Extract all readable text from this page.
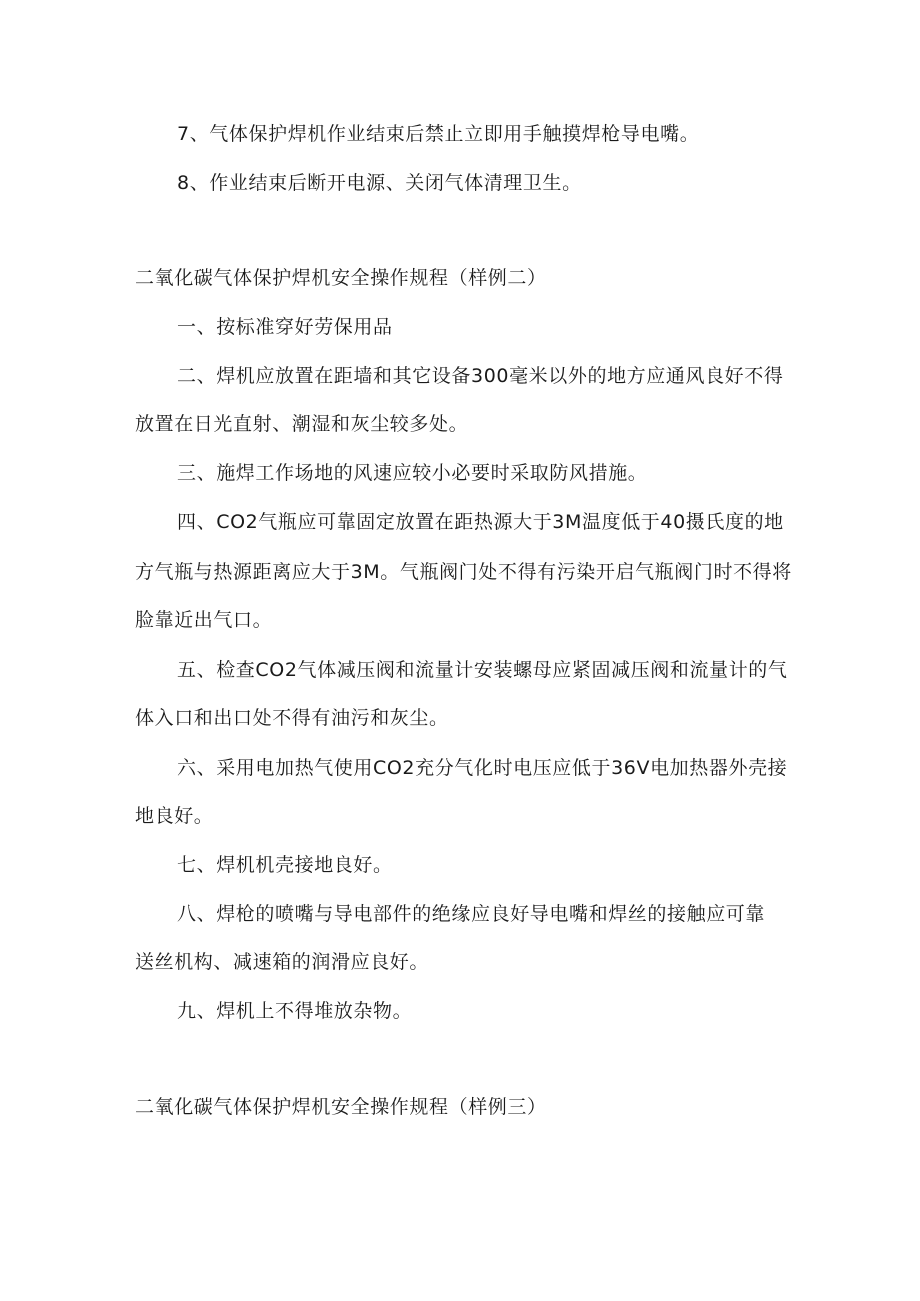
7、气体保护焊机作业结束后禁止立即用手触摸焊枪导电嘴。
8、作业结束后断开电源、关闭气体清理卫生。
二氧化碳气体保护焊机安全操作规程（样例二）
一、按标准穿好劳保用品
二、焊机应放置在距墙和其它设备300毫米以外的地方应通风良好不得
放置在日光直射、潮湿和灰尘较多处。
三、施焊工作场地的风速应较小必要时采取防风措施。
四、CO2气瓶应可靠固定放置在距热源大于3M温度低于40摄氏度的地
方气瓶与热源距离应大于3M。气瓶阀门处不得有污染开启气瓶阀门时不得将
脸靠近出气口。
五、检查CO2气体减压阀和流量计安装螺母应紧固减压阀和流量计的气
体入口和出口处不得有油污和灰尘。
六、采用电加热气使用CO2充分气化时电压应低于36V电加热器外壳接
地良好。
七、焊机机壳接地良好。
八、焊枪的喷嘴与导电部件的绝缘应良好导电嘴和焊丝的接触应可靠
送丝机构、减速箱的润滑应良好。
九、焊机上不得堆放杂物。
二氧化碳气体保护焊机安全操作规程（样例三）
